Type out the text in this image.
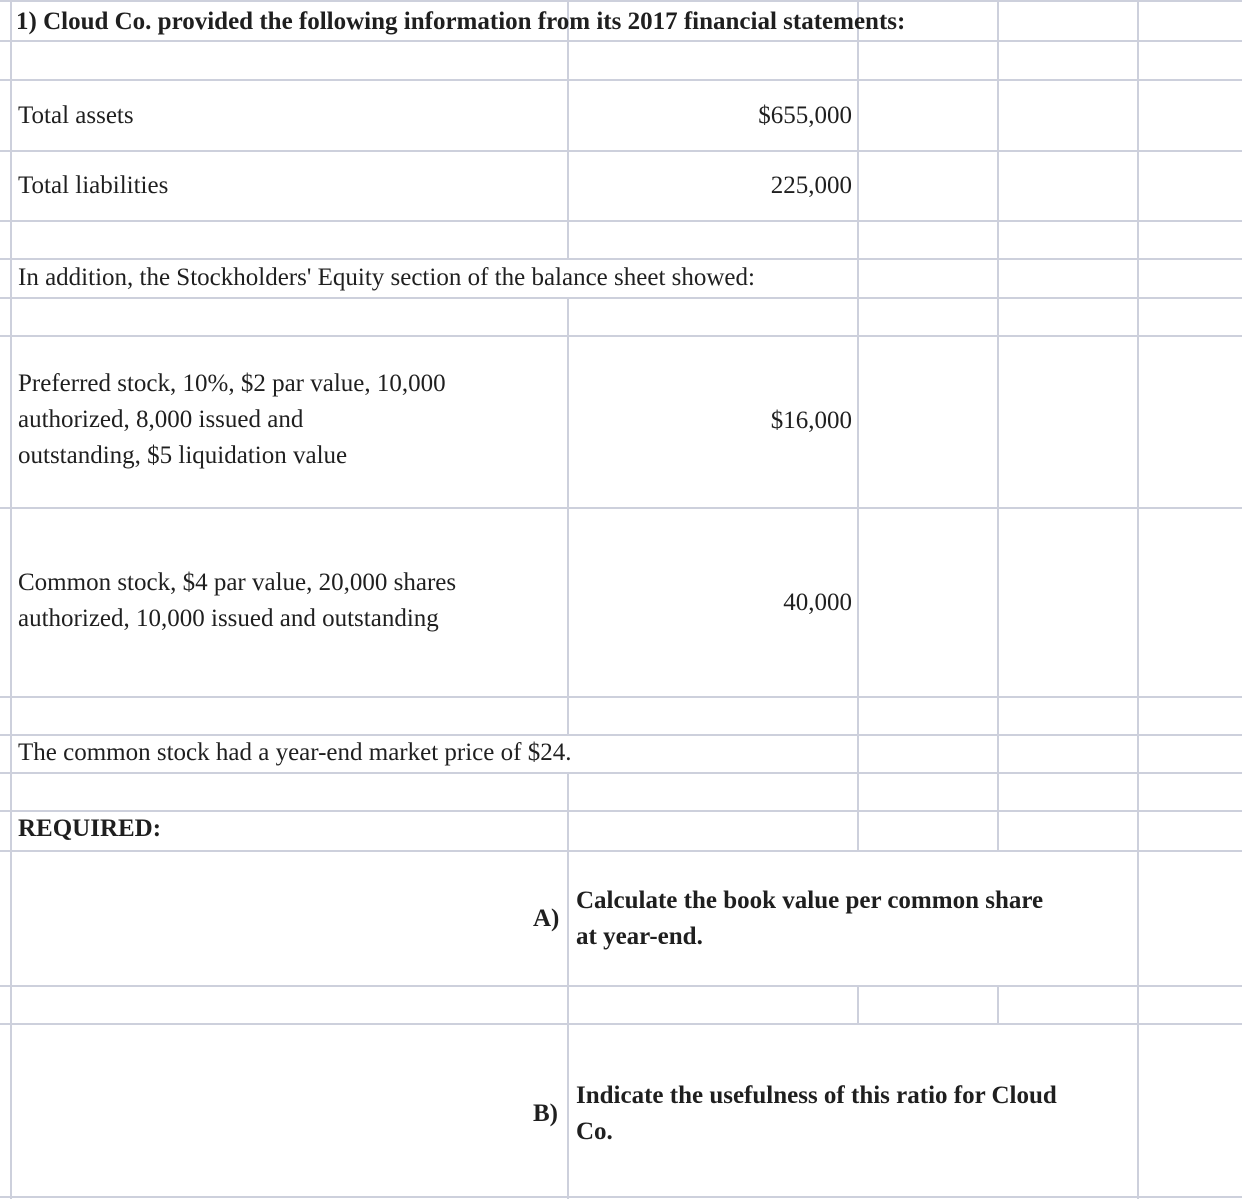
1) Cloud Co. provided the following information from its 2017 financial statements:
Total assets	$655,000
Total liabilities	225,000
In addition, the Stockholders' Equity section of the balance sheet showed:
Preferred stock, 10%, $2 par value, 10,000
authorized, 8,000 issued and
outstanding, $5 liquidation value
$16,000
Common stock, $4 par value, 20,000 shares
authorized, 10,000 issued and outstanding
40,000
The common stock had a year-end market price of $24.
REQUIRED:
A)
Calculate the book value per common share
at year-end.
B)
Indicate the usefulness of this ratio for Cloud
Co.
